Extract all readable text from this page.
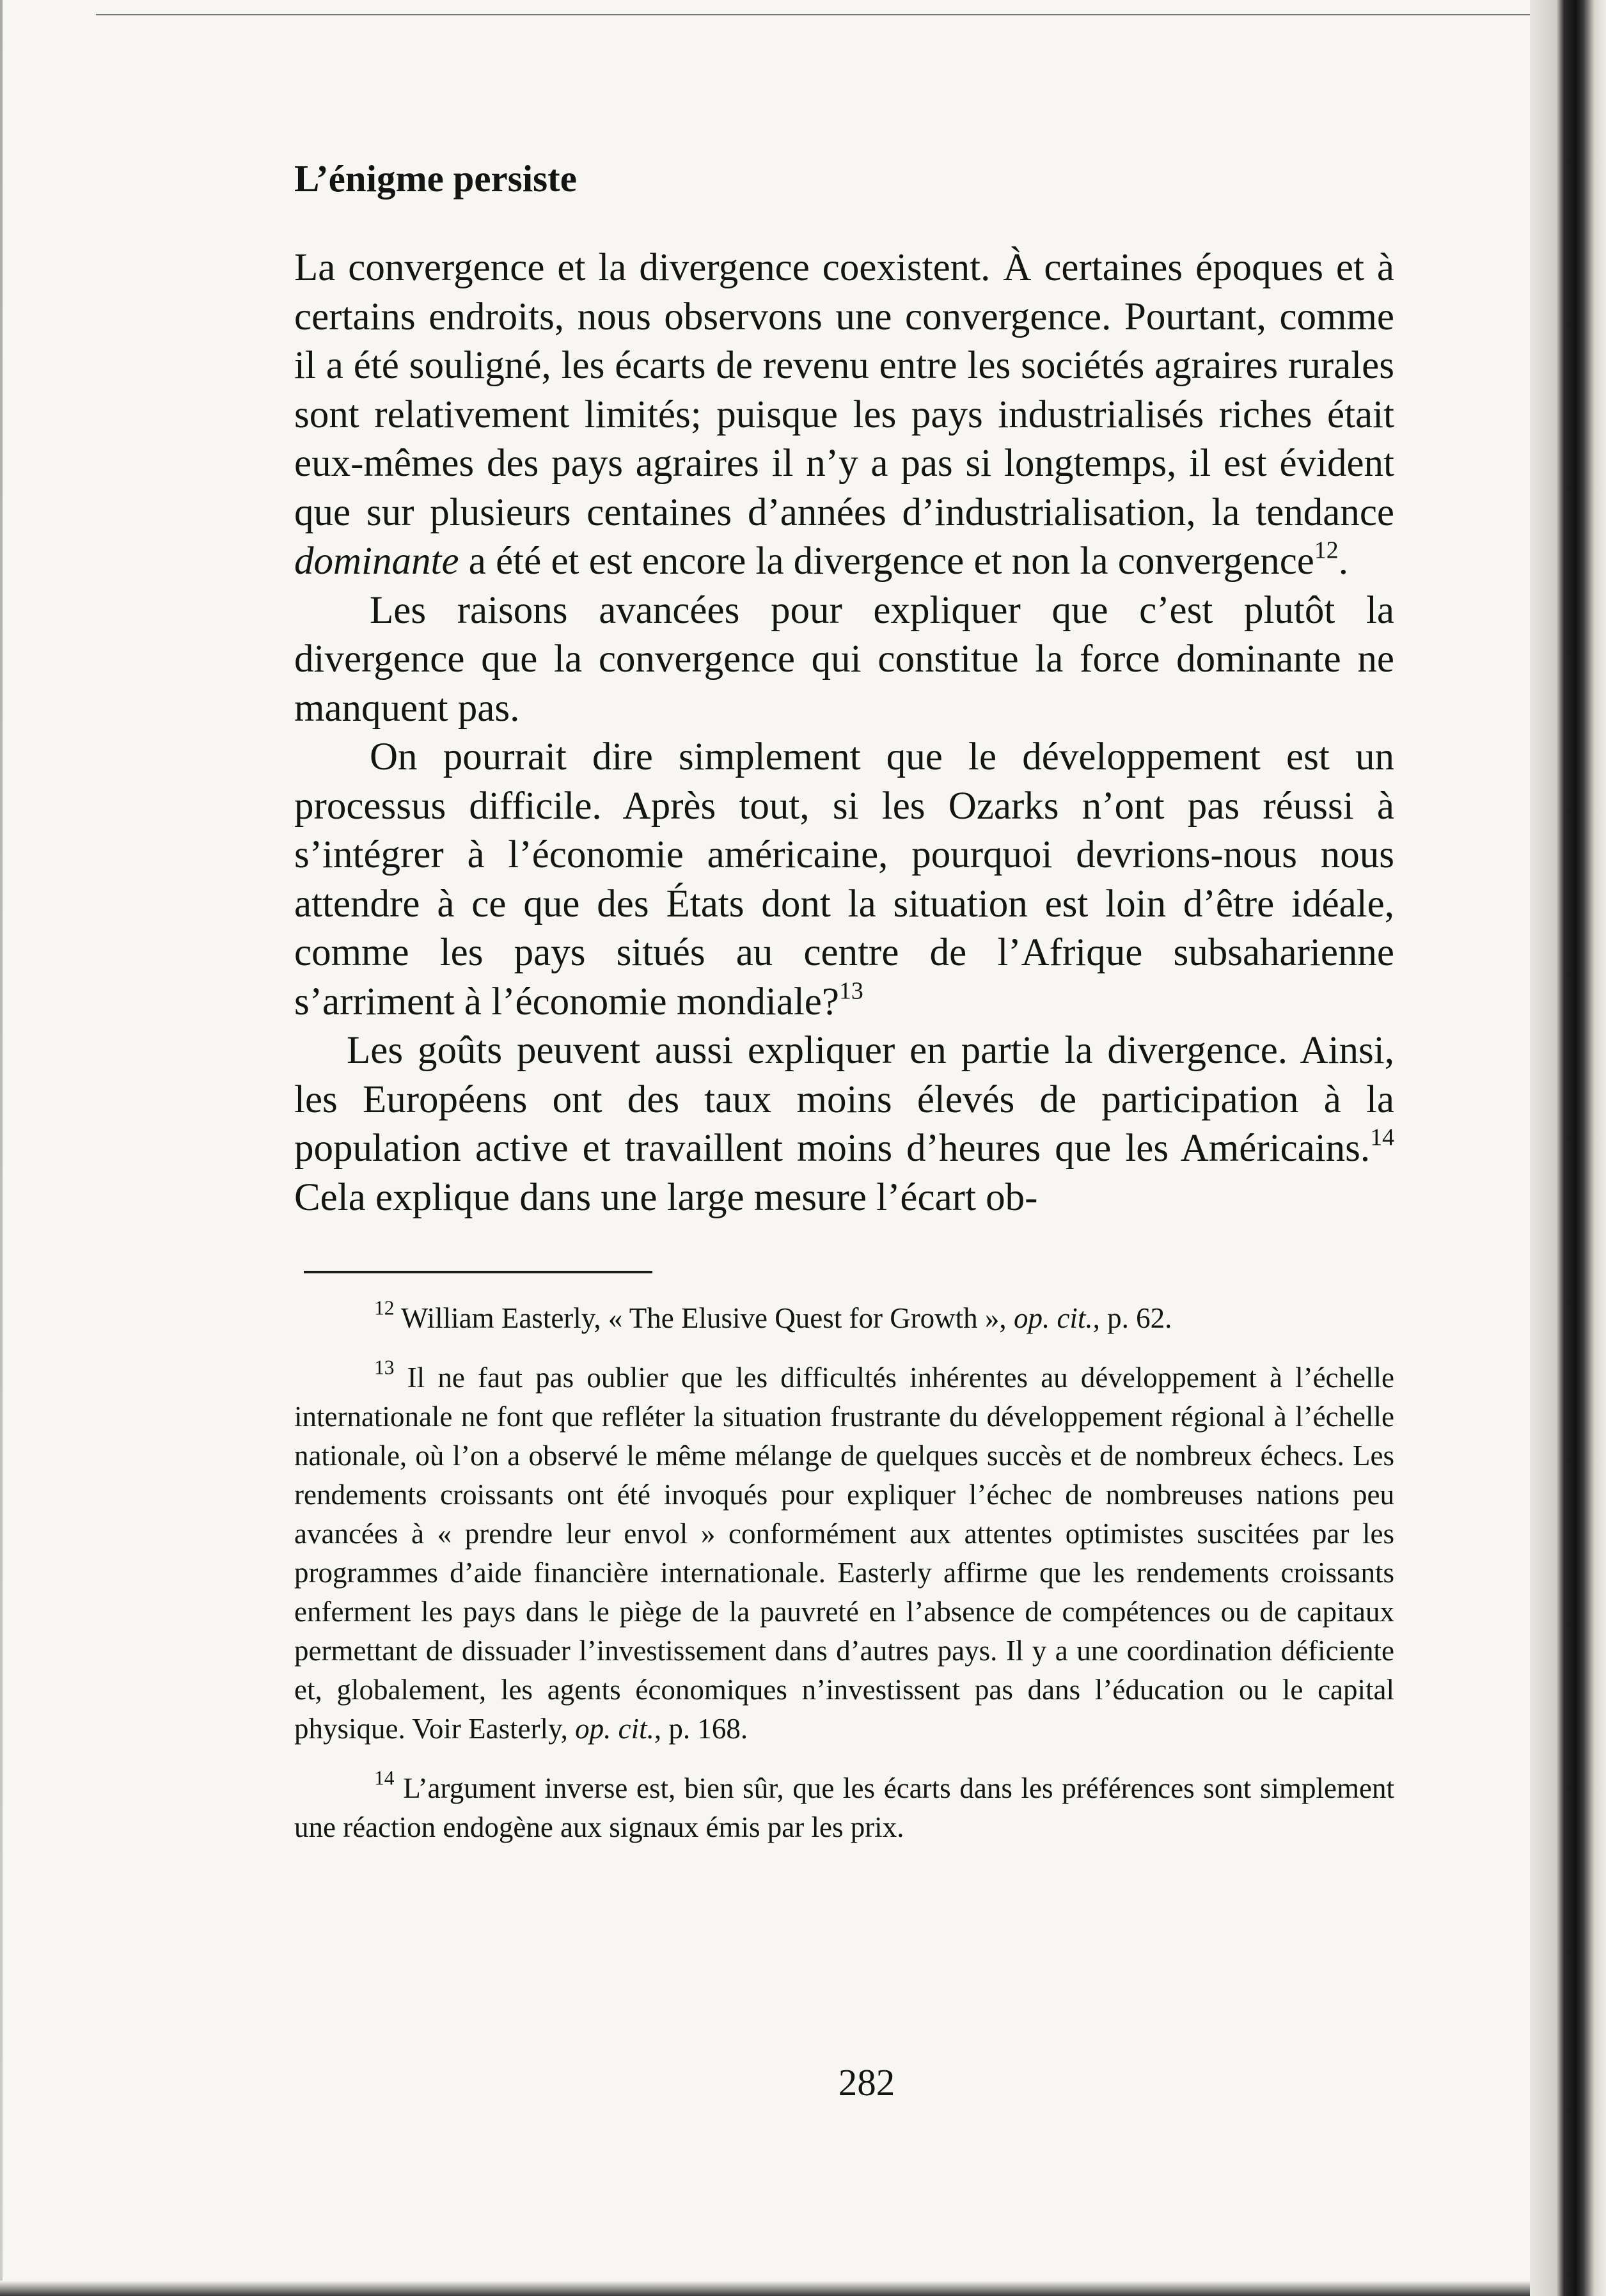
L’énigme persiste

La convergence et la divergence coexistent. À certaines époques et à certains endroits, nous observons une convergence. Pourtant, comme il a été souligné, les écarts de revenu entre les sociétés agraires rurales sont relativement limités; puisque les pays industrialisés riches était eux-mêmes des pays agraires il n’y a pas si longtemps, il est évident que sur plusieurs centaines d’années d’industrialisation, la tendance dominante a été et est encore la divergence et non la convergence$^{12}$.

Les raisons avancées pour expliquer que c’est plutôt la divergence que la convergence qui constitue la force dominante ne manquent pas.

On pourrait dire simplement que le développement est un processus difficile. Après tout, si les Ozarks n’ont pas réussi à s’intégrer à l’économie américaine, pourquoi devrions-nous nous attendre à ce que des États dont la situation est loin d’être idéale, comme les pays situés au centre de l’Afrique subsaharienne s’arriment à l’économie mondiale?$^{13}$

Les goûts peuvent aussi expliquer en partie la divergence. Ainsi, les Européens ont des taux moins élevés de participation à la population active et travaillent moins d’heures que les Américains.$^{14}$ Cela explique dans une large mesure l’écart ob-

$^{12}$ William Easterly, « The Elusive Quest for Growth », op. cit., p. 62.

$^{13}$ Il ne faut pas oublier que les difficultés inhérentes au développement à l’échelle internationale ne font que refléter la situation frustrante du développement régional à l’échelle nationale, où l’on a observé le même mélange de quelques succès et de nombreux échecs. Les rendements croissants ont été invoqués pour expliquer l’échec de nombreuses nations peu avancées à « prendre leur envol » conformément aux attentes optimistes suscitées par les programmes d’aide financière internationale. Easterly affirme que les rendements croissants enferment les pays dans le piège de la pauvreté en l’absence de compétences ou de capitaux permettant de dissuader l’investissement dans d’autres pays. Il y a une coordination déficiente et, globalement, les agents économiques n’investissent pas dans l’éducation ou le capital physique. Voir Easterly, op. cit., p. 168.

$^{14}$ L’argument inverse est, bien sûr, que les écarts dans les préférences sont simplement une réaction endogène aux signaux émis par les prix.

282
